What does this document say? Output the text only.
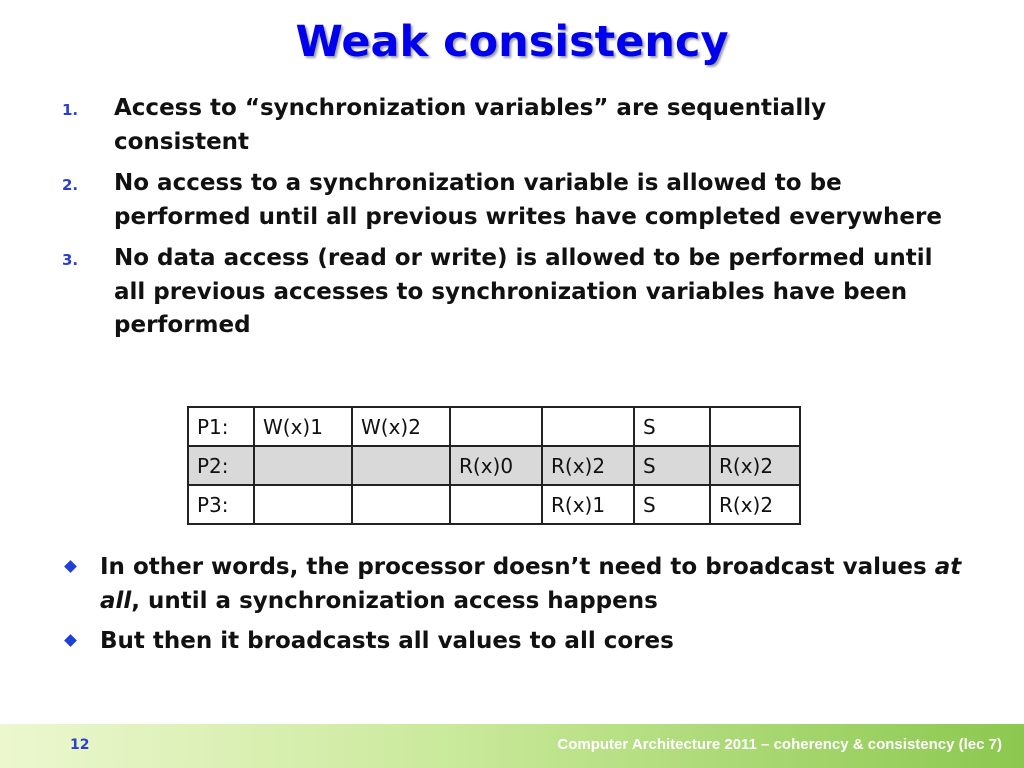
Weak consistency
1. Access to “synchronization variables” are sequentially consistent
2. No access to a synchronization variable is allowed to be performed until all previous writes have completed everywhere
3. No data access (read or write) is allowed to be performed until all previous accesses to synchronization variables have been performed
P1:	W(x)1	W(x)2			S	
P2:			R(x)0	R(x)2	S	R(x)2
P3:				R(x)1	S	R(x)2
In other words, the processor doesn’t need to broadcast values at all, until a synchronization access happens
But then it broadcasts all values to all cores
12	Computer Architecture 2011 – coherency & consistency (lec 7)
